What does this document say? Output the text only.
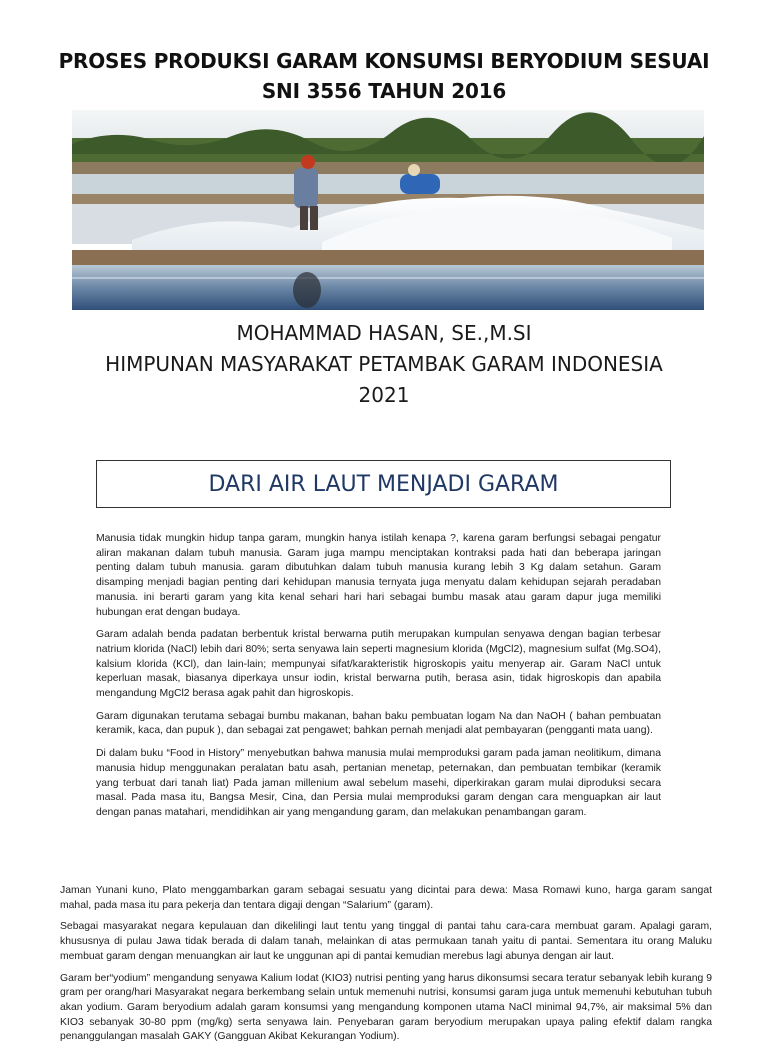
PROSES PRODUKSI GARAM KONSUMSI BERYODIUM SESUAI
SNI 3556 TAHUN 2016
MOHAMMAD HASAN, SE.,M.SI
HIMPUNAN MASYARAKAT PETAMBAK GARAM INDONESIA
2021
DARI AIR LAUT MENJADI GARAM

Manusia tidak mungkin hidup tanpa garam, mungkin hanya istilah kenapa ?, karena garam berfungsi sebagai pengatur aliran makanan dalam tubuh manusia. Garam juga mampu menciptakan kontraksi pada hati dan beberapa jaringan penting dalam tubuh manusia. garam dibutuhkan dalam tubuh manusia kurang lebih 3 Kg dalam setahun. Garam disamping menjadi bagian penting dari kehidupan manusia ternyata juga menyatu dalam kehidupan sejarah peradaban manusia. ini berarti garam yang kita kenal sehari hari hari sebagai bumbu masak atau garam dapur juga memiliki hubungan erat dengan budaya.

Garam adalah benda padatan berbentuk kristal berwarna putih merupakan kumpulan senyawa dengan bagian terbesar natrium klorida (NaCl) lebih dari 80%; serta senyawa lain seperti magnesium klorida (MgCl2), magnesium sulfat (Mg.SO4), kalsium klorida (KCl), dan lain-lain; mempunyai sifat/karakteristik higroskopis yaitu menyerap air. Garam NaCl untuk keperluan masak, biasanya diperkaya unsur iodin, kristal berwarna putih, berasa asin, tidak higroskopis dan apabila mengandung MgCl2 berasa agak pahit dan higroskopis.

Garam digunakan terutama sebagai bumbu makanan, bahan baku pembuatan logam Na dan NaOH ( bahan pembuatan keramik, kaca, dan pupuk ), dan sebagai zat pengawet; bahkan pernah menjadi alat pembayaran (pengganti mata uang).

Di dalam buku “Food in History” menyebutkan bahwa manusia mulai memproduksi garam pada jaman neolitikum, dimana manusia hidup menggunakan peralatan batu asah, pertanian menetap, peternakan, dan pembuatan tembikar (keramik yang terbuat dari tanah liat) Pada jaman millenium awal sebelum masehi, diperkirakan garam mulai diproduksi secara masal. Pada masa itu, Bangsa Mesir, Cina, dan Persia mulai memproduksi garam dengan cara menguapkan air laut dengan panas matahari, mendidihkan air yang mengandung garam, dan melakukan penambangan garam.

Jaman Yunani kuno, Plato menggambarkan garam sebagai sesuatu yang dicintai para dewa: Masa Romawi kuno, harga garam sangat mahal, pada masa itu para pekerja dan tentara digaji dengan “Salarium” (garam).

Sebagai masyarakat negara kepulauan dan dikelilingi laut tentu yang tinggal di pantai tahu cara-cara membuat garam. Apalagi garam, khususnya di pulau Jawa tidak berada di dalam tanah, melainkan di atas permukaan tanah yaitu di pantai. Sementara itu orang Maluku membuat garam dengan menuangkan air laut ke unggunan api di pantai kemudian merebus lagi abunya dengan air laut.

Garam ber“yodium” mengandung senyawa Kalium Iodat (KIO3) nutrisi penting yang harus dikonsumsi secara teratur sebanyak lebih kurang 9 gram per orang/hari Masyarakat negara berkembang selain untuk memenuhi nutrisi, konsumsi garam juga untuk memenuhi kebutuhan tubuh akan yodium. Garam beryodium adalah garam konsumsi yang mengandung komponen utama NaCl minimal 94,7%, air maksimal 5% dan KIO3 sebanyak 30-80 ppm (mg/kg) serta senyawa lain. Penyebaran garam beryodium merupakan upaya paling efektif dalam rangka penanggulangan masalah GAKY (Gangguan Akibat Kekurangan Yodium).
